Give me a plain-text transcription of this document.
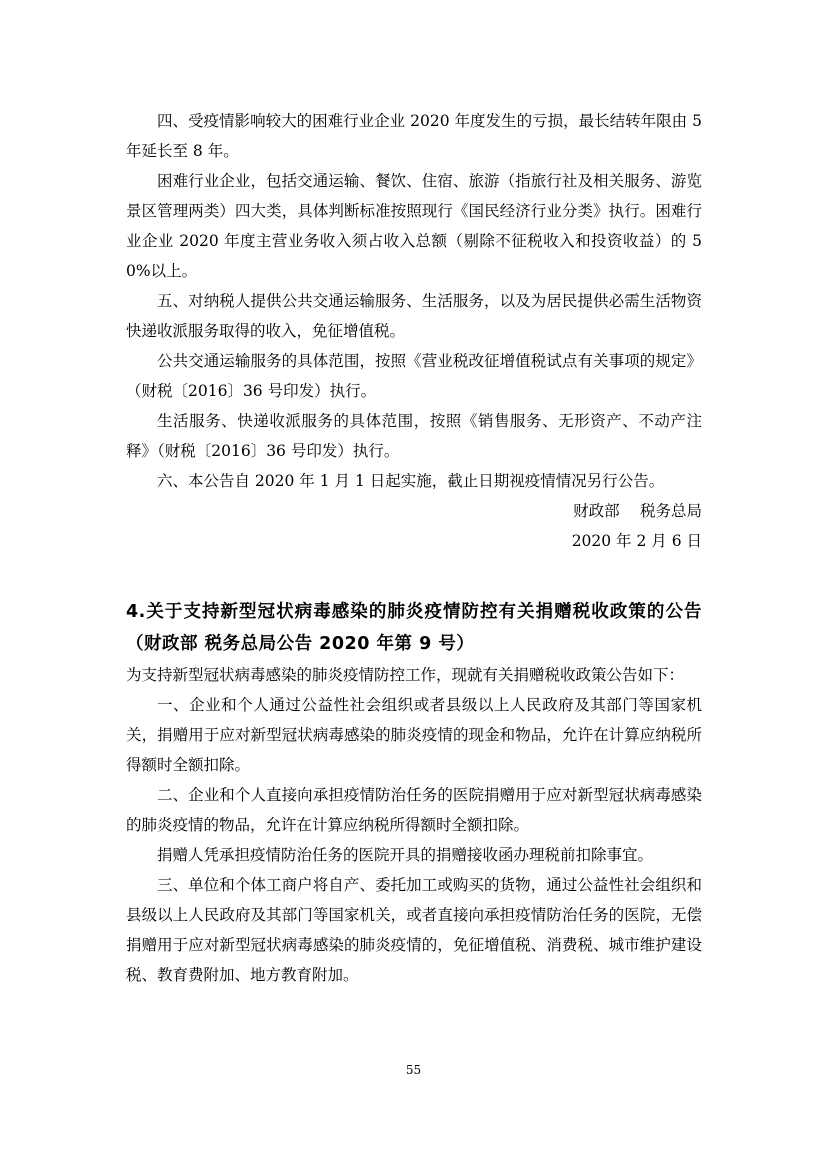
四、受疫情影响较大的困难行业企业 2020 年度发生的亏损，最长结转年限由 5 年延长至 8 年。

困难行业企业，包括交通运输、餐饮、住宿、旅游（指旅行社及相关服务、游览景区管理两类）四大类，具体判断标准按照现行《国民经济行业分类》执行。困难行业企业 2020 年度主营业务收入须占收入总额（剔除不征税收入和投资收益）的 50%以上。

五、对纳税人提供公共交通运输服务、生活服务，以及为居民提供必需生活物资快递收派服务取得的收入，免征增值税。

公共交通运输服务的具体范围，按照《营业税改征增值税试点有关事项的规定》（财税〔2016〕36 号印发）执行。

生活服务、快递收派服务的具体范围，按照《销售服务、无形资产、不动产注释》（财税〔2016〕36 号印发）执行。

六、本公告自 2020 年 1 月 1 日起实施，截止日期视疫情情况另行公告。

财政部　 税务总局

2020 年 2 月 6 日

4.关于支持新型冠状病毒感染的肺炎疫情防控有关捐赠税收政策的公告（财政部 税务总局公告 2020 年第 9 号）

为支持新型冠状病毒感染的肺炎疫情防控工作，现就有关捐赠税收政策公告如下：

一、企业和个人通过公益性社会组织或者县级以上人民政府及其部门等国家机关，捐赠用于应对新型冠状病毒感染的肺炎疫情的现金和物品，允许在计算应纳税所得额时全额扣除。

二、企业和个人直接向承担疫情防治任务的医院捐赠用于应对新型冠状病毒感染的肺炎疫情的物品，允许在计算应纳税所得额时全额扣除。

捐赠人凭承担疫情防治任务的医院开具的捐赠接收函办理税前扣除事宜。

三、单位和个体工商户将自产、委托加工或购买的货物，通过公益性社会组织和县级以上人民政府及其部门等国家机关，或者直接向承担疫情防治任务的医院，无偿捐赠用于应对新型冠状病毒感染的肺炎疫情的，免征增值税、消费税、城市维护建设税、教育费附加、地方教育附加。

55
